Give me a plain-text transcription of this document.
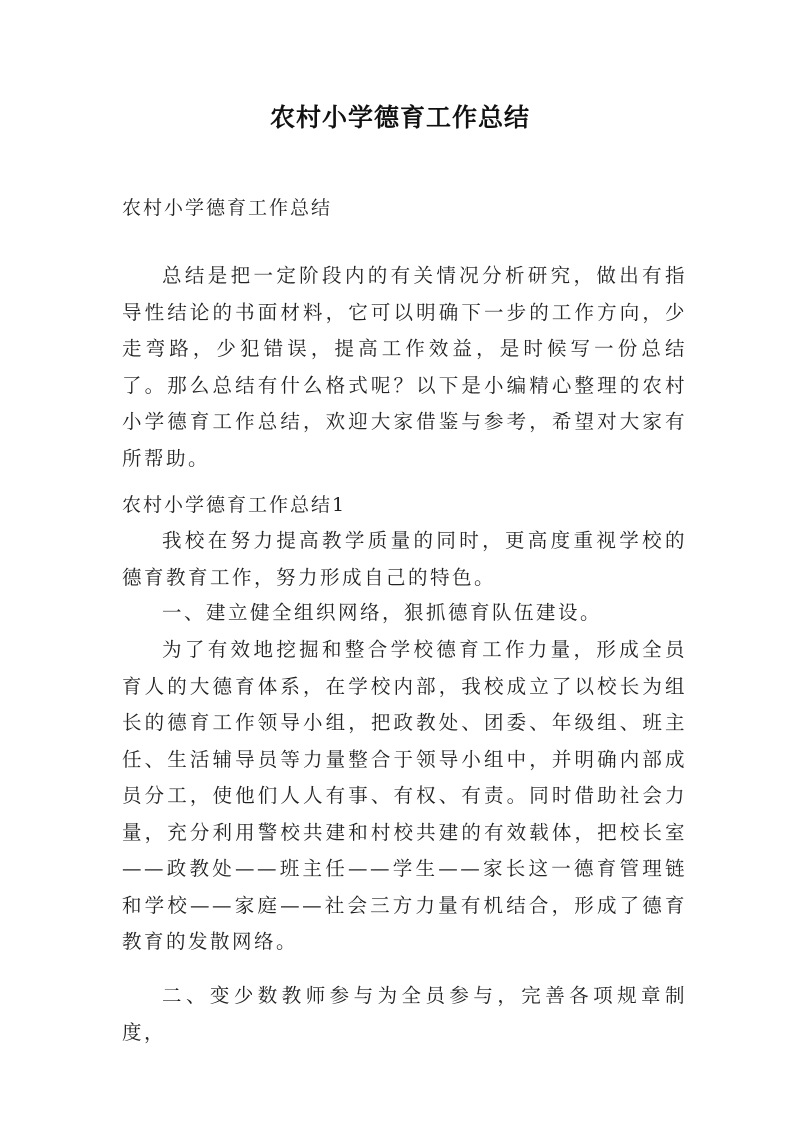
农村小学德育工作总结
农村小学德育工作总结

总结是把一定阶段内的有关情况分析研究，做出有指导性结论的书面材料，它可以明确下一步的工作方向，少走弯路，少犯错误，提高工作效益，是时候写一份总结了。那么总结有什么格式呢？以下是小编精心整理的农村小学德育工作总结，欢迎大家借鉴与参考，希望对大家有所帮助。

农村小学德育工作总结1

我校在努力提高教学质量的同时，更高度重视学校的德育教育工作，努力形成自己的特色。

一、建立健全组织网络，狠抓德育队伍建设。

为了有效地挖掘和整合学校德育工作力量，形成全员育人的大德育体系，在学校内部，我校成立了以校长为组长的德育工作领导小组，把政教处、团委、年级组、班主任、生活辅导员等力量整合于领导小组中，并明确内部成员分工，使他们人人有事、有权、有责。同时借助社会力量，充分利用警校共建和村校共建的有效载体，把校长室——政教处——班主任——学生——家长这一德育管理链和学校——家庭——社会三方力量有机结合，形成了德育教育的发散网络。

二、变少数教师参与为全员参与，完善各项规章制度，
